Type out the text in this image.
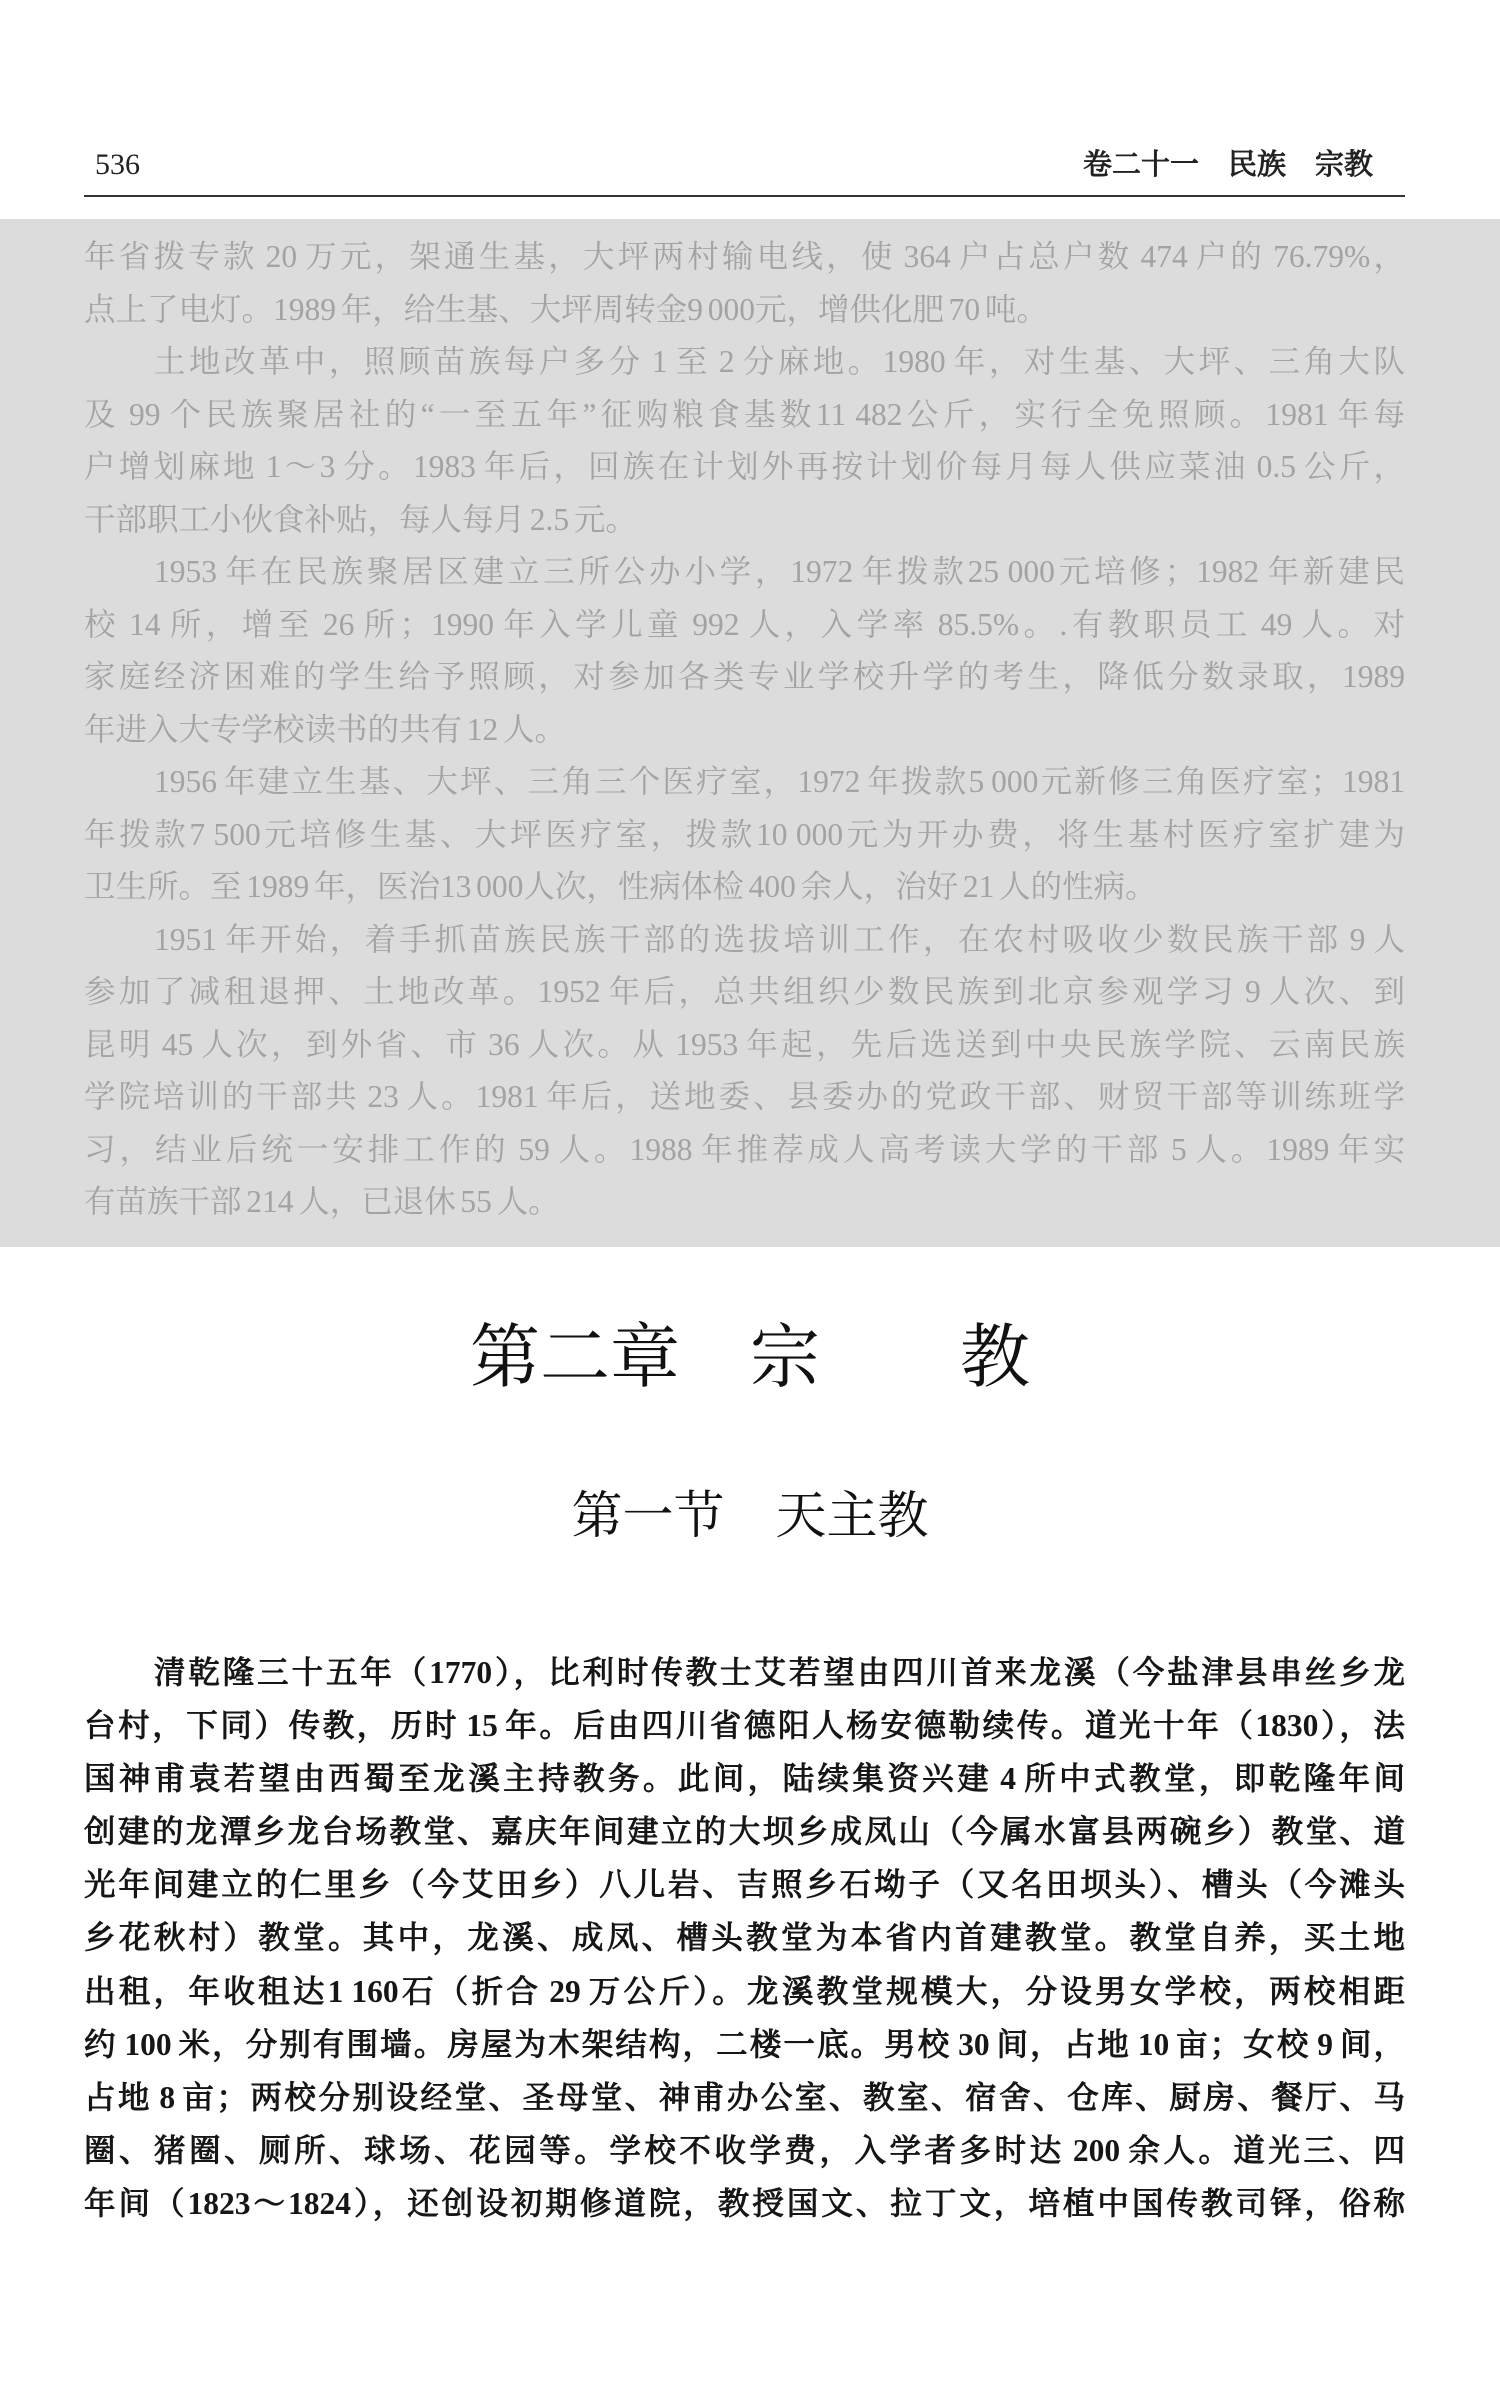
536	卷二十一　民族　宗教
年省拨专款 20 万元，架通生基，大坪两村输电线，使 364 户占总户数 474 户的 76.79%，
点上了电灯。1989 年，给生基、大坪周转金9 000元，增供化肥 70 吨。
土地改革中，照顾苗族每户多分 1 至 2 分麻地。1980 年，对生基、大坪、三角大队
及 99 个民族聚居社的“一至五年”征购粮食基数11 482公斤，实行全免照顾。1981 年每
户增划麻地 1～3 分。1983 年后，回族在计划外再按计划价每月每人供应菜油 0.5 公斤，
干部职工小伙食补贴，每人每月 2.5 元。
1953 年在民族聚居区建立三所公办小学，1972 年拨款25 000元培修；1982 年新建民
校 14 所，增至 26 所；1990 年入学儿童 992 人，入学率 85.5%。.有教职员工 49 人。对
家庭经济困难的学生给予照顾，对参加各类专业学校升学的考生，降低分数录取，1989
年进入大专学校读书的共有 12 人。
1956 年建立生基、大坪、三角三个医疗室，1972 年拨款5 000元新修三角医疗室；1981
年拨款7 500元培修生基、大坪医疗室，拨款10 000元为开办费，将生基村医疗室扩建为
卫生所。至 1989 年，医治13 000人次，性病体检 400 余人，治好 21 人的性病。
1951 年开始，着手抓苗族民族干部的选拔培训工作，在农村吸收少数民族干部 9 人
参加了减租退押、土地改革。1952 年后，总共组织少数民族到北京参观学习 9 人次、到
昆明 45 人次，到外省、市 36 人次。从 1953 年起，先后选送到中央民族学院、云南民族
学院培训的干部共 23 人。1981 年后，送地委、县委办的党政干部、财贸干部等训练班学
习，结业后统一安排工作的 59 人。1988 年推荐成人高考读大学的干部 5 人。1989 年实
有苗族干部 214 人，已退休 55 人。
第二章　宗　　教
第一节　天主教
清乾隆三十五年（1770），比利时传教士艾若望由四川首来龙溪（今盐津县串丝乡龙
台村，下同）传教，历时 15 年。后由四川省德阳人杨安德勒续传。道光十年（1830），法
国神甫袁若望由西蜀至龙溪主持教务。此间，陆续集资兴建 4 所中式教堂，即乾隆年间
创建的龙潭乡龙台场教堂、嘉庆年间建立的大坝乡成凤山（今属水富县两碗乡）教堂、道
光年间建立的仁里乡（今艾田乡）八儿岩、吉照乡石坳子（又名田坝头）、槽头（今滩头
乡花秋村）教堂。其中，龙溪、成凤、槽头教堂为本省内首建教堂。教堂自养，买土地
出租，年收租达1 160石（折合 29 万公斤）。龙溪教堂规模大，分设男女学校，两校相距
约 100 米，分别有围墙。房屋为木架结构，二楼一底。男校 30 间，占地 10 亩；女校 9 间，
占地 8 亩；两校分别设经堂、圣母堂、神甫办公室、教室、宿舍、仓库、厨房、餐厅、马
圈、猪圈、厕所、球场、花园等。学校不收学费，入学者多时达 200 余人。道光三、四
年间（1823～1824），还创设初期修道院，教授国文、拉丁文，培植中国传教司铎，俗称
